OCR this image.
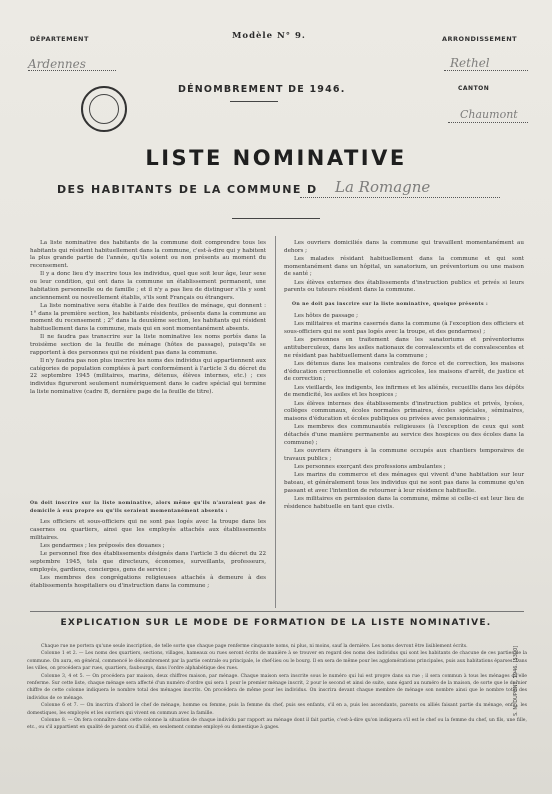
DÉPARTEMENT	Modèle N° 9.	ARRONDISSEMENT
Ardennes	Rethel
DÉNOMBREMENT DE 1946.	CANTON
Chaumont
LISTE NOMINATIVE
DES HABITANTS DE LA COMMUNE D La Romagne

La liste nominative des habitants de la commune doit comprendre tous les habitants qui résident habituellement dans la commune, c'est-à-dire qui y habitent la plus grande partie de l'année, qu'ils soient ou non présents au moment du recensement.

Il y a donc lieu d'y inscrire tous les individus, quel que soit leur âge, leur sexe ou leur condition, qui ont dans la commune un établissement permanent, une habitation personnelle ou de famille ; et il n'y a pas lieu de distinguer s'ils y sont anciennement ou nouvellement établis, s'ils sont Français ou étrangers.

La liste nominative sera établie à l'aide des feuilles de ménage, qui donnent : 1° dans la première section, les habitants résidents, présents dans la commune au moment du recensement ; 2° dans la deuxième section, les habitants qui résident habituellement dans la commune, mais qui en sont momentanément absents.

Il ne faudra pas transcrire sur la liste nominative les noms portés dans la troisième section de la feuille de ménage (hôtes de passage), puisqu'ils se rapportent à des personnes qui ne résident pas dans la commune.

Il n'y faudra pas non plus inscrire les noms des individus qui appartiennent aux catégories de population comptées à part conformément à l'article 3 du décret du 22 septembre 1945 (militaires, marins, détenus, élèves internes, etc.) ; ces individus figureront seulement numériquement dans le cadre spécial qui termine la liste nominative (cadre B, dernière page de la feuille de titre).

On doit inscrire sur la liste nominative, alors même qu'ils n'auraient pas de domicile à eux propre ou qu'ils seraient momentanément absents :

Les officiers et sous-officiers qui ne sont pas logés avec la troupe dans les casernes ou quartiers, ainsi que les employés attachés aux établissements militaires.

Les gendarmes ; les préposés des douanes ;

Le personnel fixe des établissements désignés dans l'article 3 du décret du 22 septembre 1945, tels que directeurs, économes, surveillants, professeurs, employés, gardiens, concierges, gens de service ;

Les membres des congrégations religieuses attachés à demeure à des établissements hospitaliers ou d'instruction dans la commune ;

Les ouvriers domiciliés dans la commune qui travaillent momentanément au dehors ;

Les malades résidant habituellement dans la commune et qui sont momentanément dans un hôpital, un sanatorium, un préventorium ou une maison de santé ;

Les élèves externes des établissements d'instruction publics et privés si leurs parents ou tuteurs résident dans la commune.

On ne doit pas inscrire sur la liste nominative, quoique présents :

Les hôtes de passage ;

Les militaires et marins casernés dans la commune (à l'exception des officiers et sous-officiers qui ne sont pas logés avec la troupe, et des gendarmes) ;

Les personnes en traitement dans les sanatoriums et préventoriums antituberculeux, dans les asiles nationaux de convalescents et de convalescentes et ne résidant pas habituellement dans la commune ;

Les détenus dans les maisons centrales de force et de correction, les maisons d'éducation correctionnelle et colonies agricoles, les maisons d'arrêt, de justice et de correction ;

Les vieillards, les indigents, les infirmes et les aliénés, recueillis dans les dépôts de mendicité, les asiles et les hospices ;

Les élèves internes des établissements d'instruction publics et privés, lycées, collèges communaux, écoles normales primaires, écoles spéciales, séminaires, maisons d'éducation et écoles publiques ou privées avec pensionnaires ;

Les membres des communautés religieuses (à l'exception de ceux qui sont détachés d'une manière permanente au service des hospices ou des écoles dans la commune) ;

Les ouvriers étrangers à la commune occupés aux chantiers temporaires de travaux publics ;

Les personnes exerçant des professions ambulantes ;

Les marins du commerce et des ménages qui vivent d'une habitation sur leur bateau, et généralement tous les individus qui ne sont pas dans la commune qu'en passant et avec l'intention de retourner à leur résidence habituelle.

Les militaires en permission dans la commune, même si celle-ci est leur lieu de résidence habituelle en tant que civils.

EXPLICATION SUR LE MODE DE FORMATION DE LA LISTE NOMINATIVE.

Chaque rue ne portera qu'une seule inscription, de telle sorte que chaque page renferme cinquante noms, ni plus, ni moins, sauf la dernière. Les noms devront être lisiblement écrits.

Colonne 1 et 2. — Les noms des quartiers, sections, villages, hameaux ou rues seront écrits de manière à se trouver en regard des noms des individus qui sont les habitants de chacune de ces parties de la commune. On aura, en général, commencé le dénombrement par la partie centrale ou principale, le chef-lieu ou le bourg. Il en sera de même pour les agglomérations principales, puis aux habitations éparses. Dans les villes, on procédera par rues, quartiers, faubourgs, dans l'ordre alphabétique des rues.

Colonne 3, 4 et 5. — On procédera par maison, deux chiffres maison, par ménage. Chaque maison sera inscrite sous le numéro qui lui est propre dans sa rue ; il sera commun à tous les ménages qu'elle renferme. Sur cette liste, chaque ménage sera affecté d'un numéro d'ordre qui sera 1 pour le premier ménage inscrit, 2 pour le second et ainsi de suite, sans égard au numéro de la maison, de sorte que le dernier chiffre de cette colonne indiquera le nombre total des ménages inscrits. On procédera de même pour les individus. On inscrira devant chaque membre de ménage son nombre ainsi que le nombre total des individus de ce ménage.

Colonne 6 et 7. — On inscrira d'abord le chef de ménage, homme ou femme, puis la femme du chef, puis ses enfants, s'il en a, puis les ascendants, parents ou alliés faisant partie du ménage, enfin, les domestiques, les employés et les ouvriers qui vivent en commun avec la famille.

Colonne 8. — On fera connaître dans cette colonne la situation de chaque individu par rapport au ménage dont il fait partie, c'est-à-dire qu'on indiquera s'il est le chef ou la femme du chef, un fils, une fille, etc., ou s'il appartient en qualité de parent ou d'allié, en seulement comme employé ou domestique à gages.

S. N. DUPONT, 1946. [5300]
